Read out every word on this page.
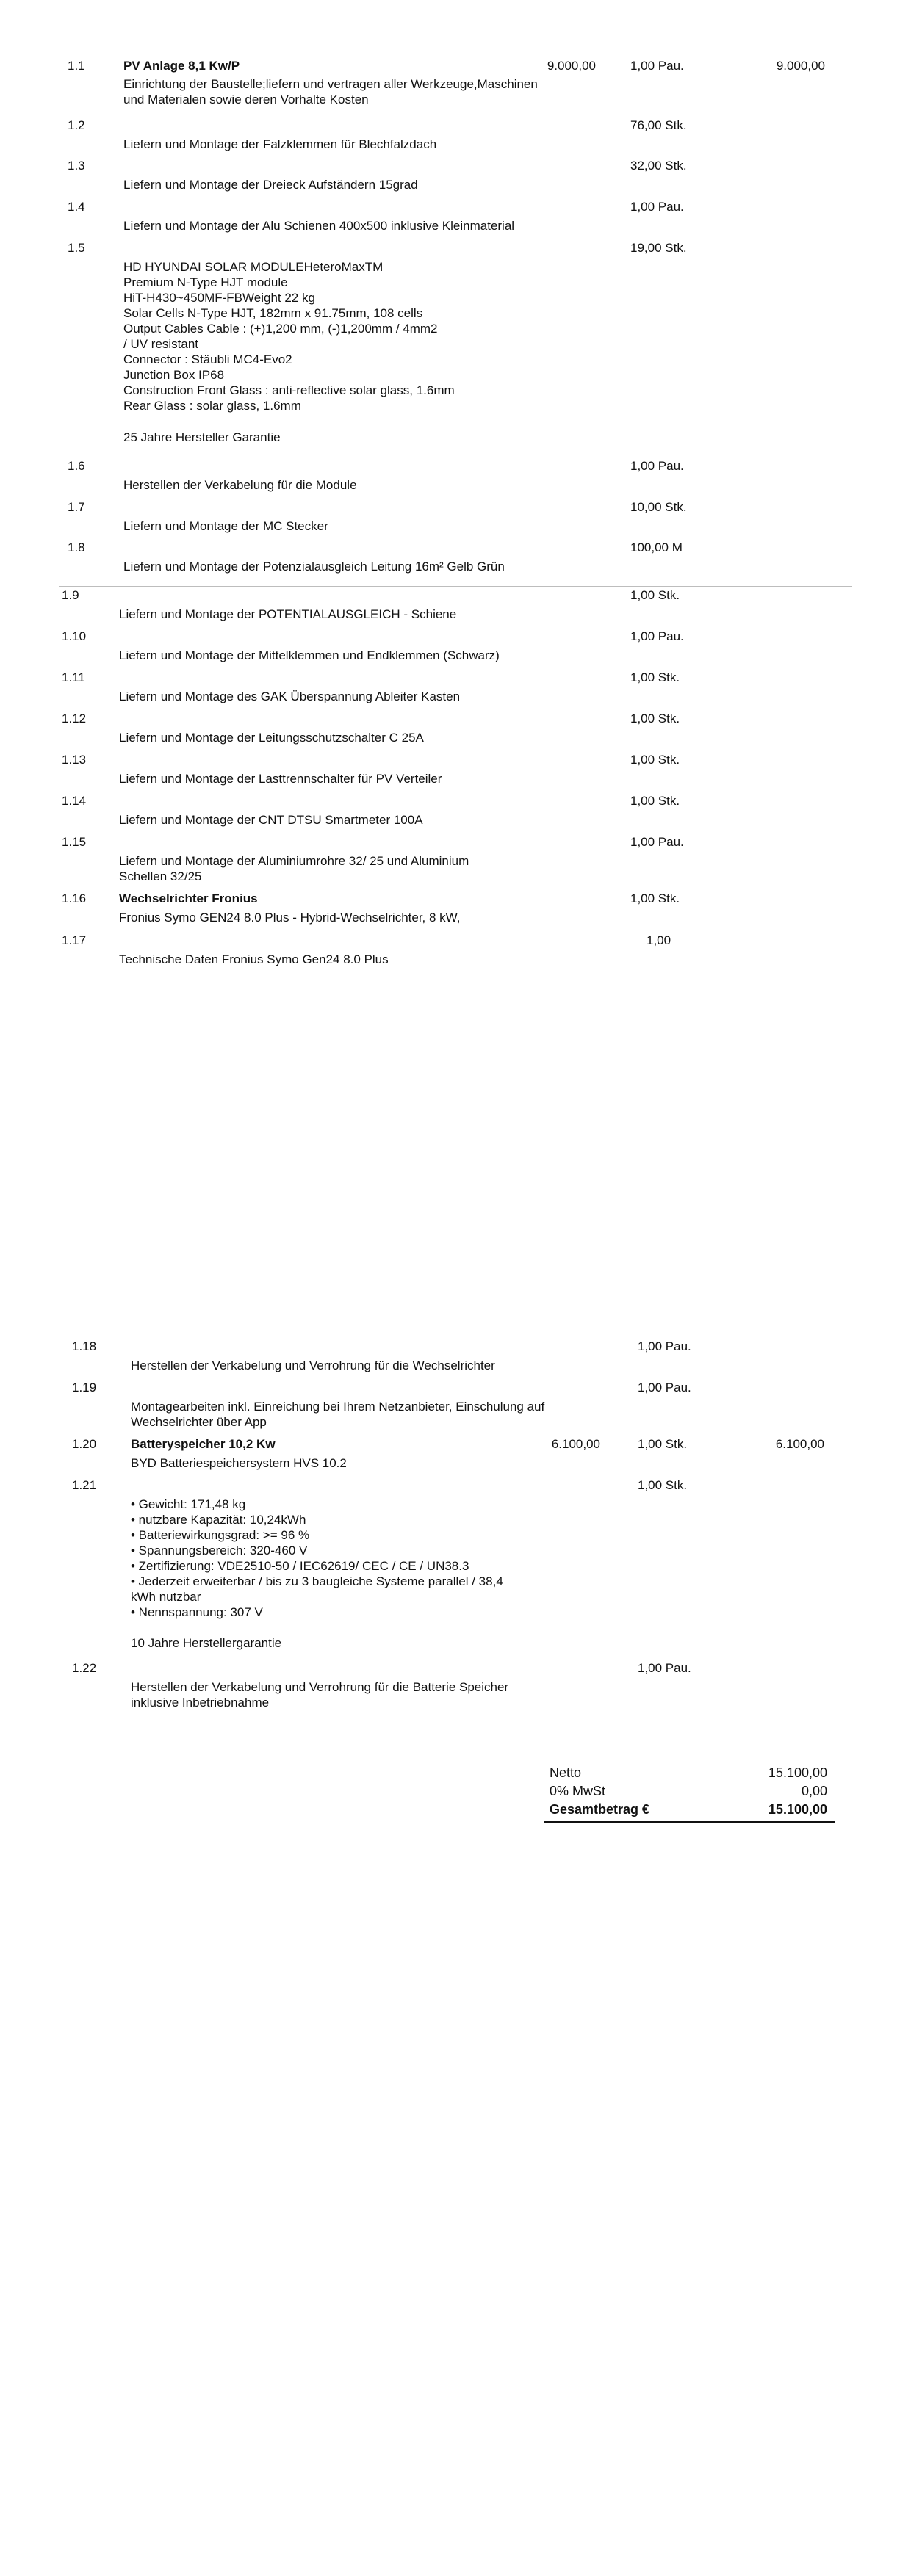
1.1	PV Anlage 8,1 Kw/P	9.000,00	1,00 Pau.	9.000,00
Einrichtung der Baustelle;liefern und vertragen aller Werkzeuge,Maschinen
und Materialen sowie deren Vorhalte Kosten
1.2	76,00 Stk.
Liefern und Montage der Falzklemmen für Blechfalzdach
1.3	32,00 Stk.
Liefern und Montage der Dreieck Aufständern 15grad
1.4	1,00 Pau.
Liefern und Montage der Alu Schienen 400x500 inklusive Kleinmaterial
1.5	19,00 Stk.
HD HYUNDAI SOLAR MODULEHeteroMaxTM
Premium N-Type HJT module
HiT-H430~450MF-FBWeight 22 kg
Solar Cells N-Type HJT, 182mm x 91.75mm, 108 cells
Output Cables Cable : (+)1,200 mm, (-)1,200mm / 4mm2
/ UV resistant
Connector : Stäubli MC4-Evo2
Junction Box IP68
Construction Front Glass : anti-reflective solar glass, 1.6mm
Rear Glass : solar glass, 1.6mm
25 Jahre Hersteller Garantie
1.6	1,00 Pau.
Herstellen der Verkabelung für die Module
1.7	10,00 Stk.
Liefern und Montage der MC Stecker
1.8	100,00 M
Liefern und Montage der Potenzialausgleich Leitung 16m² Gelb Grün
1.9	1,00 Stk.
Liefern und Montage der POTENTIALAUSGLEICH - Schiene
1.10	1,00 Pau.
Liefern und Montage der Mittelklemmen und Endklemmen (Schwarz)
1.11	1,00 Stk.
Liefern und Montage des GAK Überspannung Ableiter Kasten
1.12	1,00 Stk.
Liefern und Montage der Leitungsschutzschalter C 25A
1.13	1,00 Stk.
Liefern und Montage der Lasttrennschalter für PV Verteiler
1.14	1,00 Stk.
Liefern und Montage der CNT DTSU Smartmeter 100A
1.15	1,00 Pau.
Liefern und Montage der Aluminiumrohre 32/ 25 und Aluminium
Schellen 32/25
1.16	Wechselrichter Fronius	1,00 Stk.
Fronius Symo GEN24 8.0 Plus - Hybrid-Wechselrichter, 8 kW,
1.17	1,00
Technische Daten Fronius Symo Gen24 8.0 Plus
1.18	1,00 Pau.
Herstellen der Verkabelung und Verrohrung für die Wechselrichter
1.19	1,00 Pau.
Montagearbeiten inkl. Einreichung bei Ihrem Netzanbieter, Einschulung auf
Wechselrichter über App
1.20	Batteryspeicher 10,2 Kw	6.100,00	1,00 Stk.	6.100,00
BYD Batteriespeichersystem HVS 10.2
1.21	1,00 Stk.
• Gewicht: 171,48 kg
• nutzbare Kapazität: 10,24kWh
• Batteriewirkungsgrad: >= 96 %
• Spannungsbereich: 320-460 V
• Zertifizierung: VDE2510-50 / IEC62619/ CEC / CE / UN38.3
• Jederzeit erweiterbar / bis zu 3 baugleiche Systeme parallel / 38,4
kWh nutzbar
• Nennspannung: 307 V
10 Jahre Herstellergarantie
1.22	1,00 Pau.
Herstellen der Verkabelung und Verrohrung für die Batterie Speicher
inklusive Inbetriebnahme
Netto	15.100,00
0% MwSt	0,00
Gesamtbetrag €	15.100,00
